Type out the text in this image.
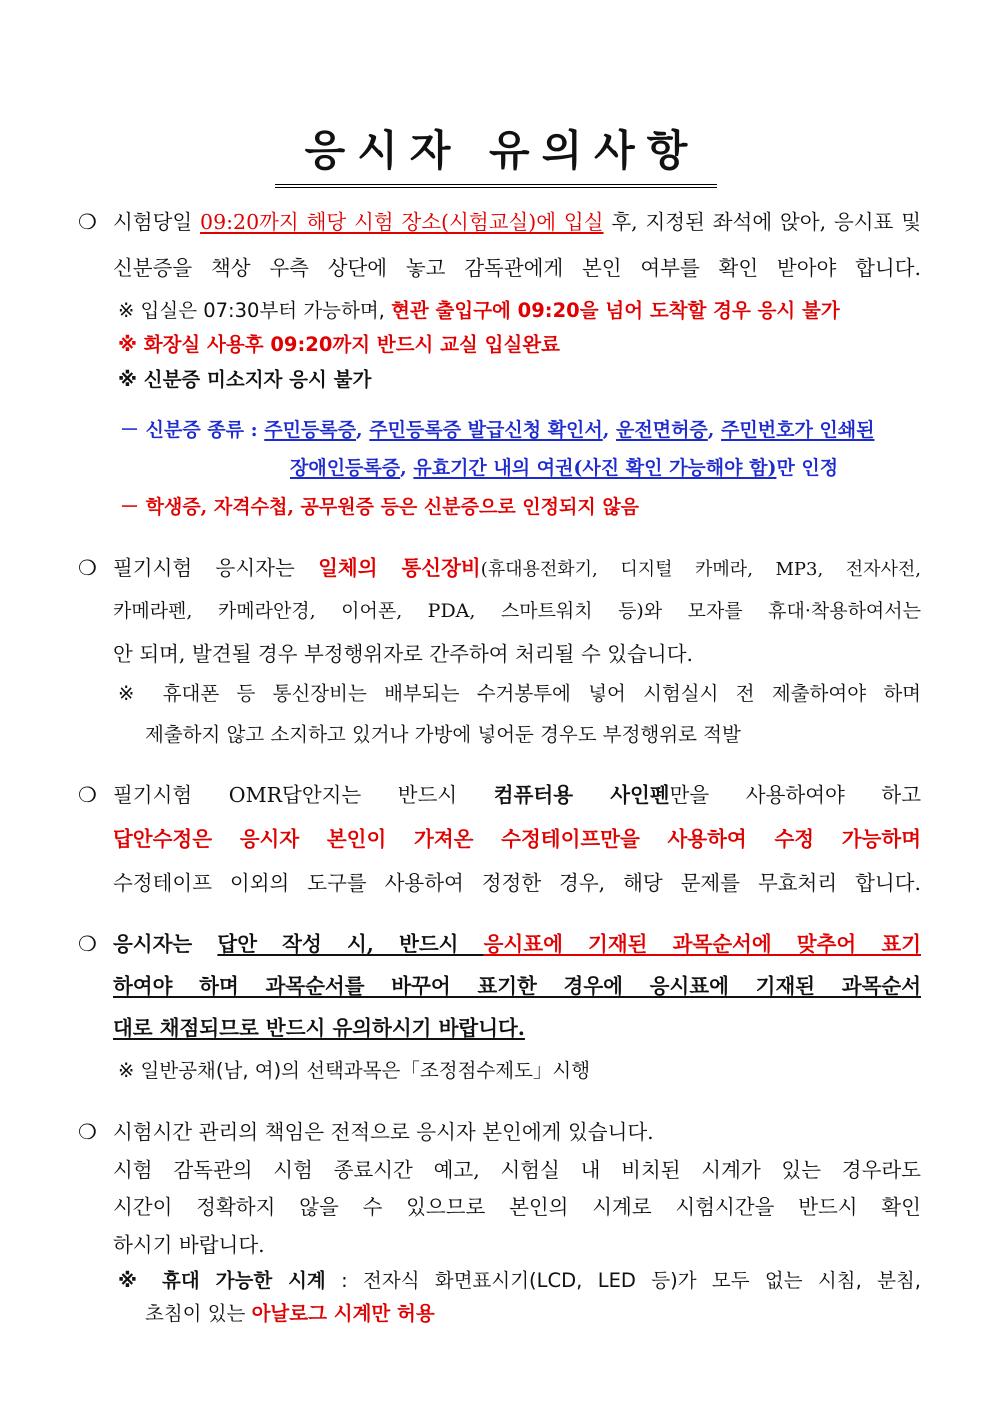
응시자 유의사항
❍ 시험당일 09:20까지 해당 시험 장소(시험교실)에 입실 후, 지정된 좌석에 앉아, 응시표 및
신분증을 책상 우측 상단에 놓고 감독관에게 본인 여부를 확인 받아야 합니다.
※ 입실은 07:30부터 가능하며, 현관 출입구에 09:20을 넘어 도착할 경우 응시 불가
※ 화장실 사용후 09:20까지 반드시 교실 입실완료
※ 신분증 미소지자 응시 불가
－ 신분증 종류 : 주민등록증, 주민등록증 발급신청 확인서, 운전면허증, 주민번호가 인쇄된
장애인등록증, 유효기간 내의 여권(사진 확인 가능해야 함)만 인정
－ 학생증, 자격수첩, 공무원증 등은 신분증으로 인정되지 않음
❍ 필기시험 응시자는 일체의 통신장비(휴대용전화기, 디지털 카메라, MP3, 전자사전,
카메라펜, 카메라안경, 이어폰, PDA, 스마트워치 등)와 모자를 휴대·착용하여서는
안 되며, 발견될 경우 부정행위자로 간주하여 처리될 수 있습니다.
※ 휴대폰 등 통신장비는 배부되는 수거봉투에 넣어 시험실시 전 제출하여야 하며
제출하지 않고 소지하고 있거나 가방에 넣어둔 경우도 부정행위로 적발
❍ 필기시험 OMR답안지는 반드시 컴퓨터용 사인펜만을 사용하여야 하고
답안수정은 응시자 본인이 가져온 수정테이프만을 사용하여 수정 가능하며
수정테이프 이외의 도구를 사용하여 정정한 경우, 해당 문제를 무효처리 합니다.
❍ 응시자는 답안 작성 시, 반드시 응시표에 기재된 과목순서에 맞추어 표기
하여야 하며 과목순서를 바꾸어 표기한 경우에 응시표에 기재된 과목순서
대로 채점되므로 반드시 유의하시기 바랍니다.
※ 일반공채(남, 여)의 선택과목은「조정점수제도」시행
❍ 시험시간 관리의 책임은 전적으로 응시자 본인에게 있습니다.
시험 감독관의 시험 종료시간 예고, 시험실 내 비치된 시계가 있는 경우라도
시간이 정확하지 않을 수 있으므로 본인의 시계로 시험시간을 반드시 확인
하시기 바랍니다.
※ 휴대 가능한 시계 : 전자식 화면표시기(LCD, LED 등)가 모두 없는 시침, 분침,
초침이 있는 아날로그 시계만 허용
